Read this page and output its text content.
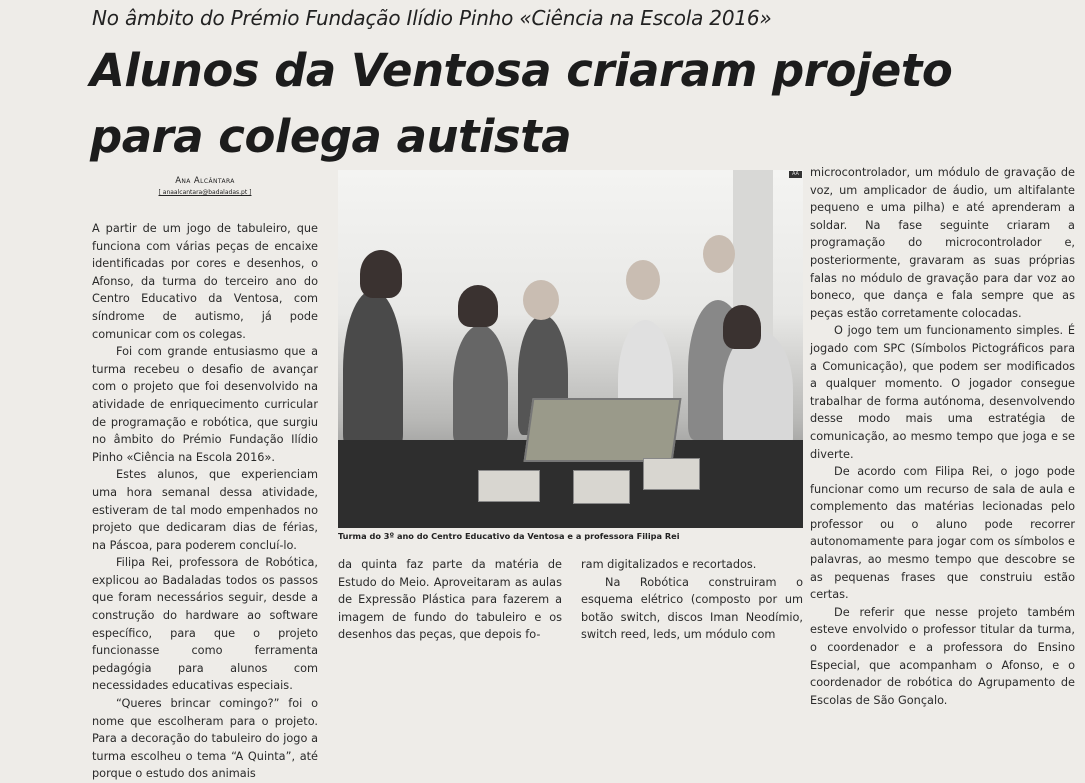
No âmbito do Prémio Fundação Ilídio Pinho «Ciência na Escola 2016»
Alunos da Ventosa criaram projeto para colega autista
Ana Alcântara
[ anaalcantara@badaladas.pt ]

A partir de um jogo de tabuleiro, que funciona com várias peças de encaixe identificadas por cores e desenhos, o Afonso, da turma do terceiro ano do Centro Educativo da Ventosa, com síndrome de autismo, já pode comunicar com os colegas.

Foi com grande entusiasmo que a turma recebeu o desafio de avançar com o projeto que foi desenvolvido na atividade de enriquecimento curricular de programação e robótica, que surgiu no âmbito do Prémio Fundação Ilídio Pinho «Ciência na Escola 2016».

Estes alunos, que experienciam uma hora semanal dessa atividade, estiveram de tal modo empenhados no projeto que dedicaram dias de férias, na Páscoa, para poderem concluí-lo.

Filipa Rei, professora de Robótica, explicou ao Badaladas todos os passos que foram necessários seguir, desde a construção do hardware ao software específico, para que o projeto funcionasse como ferramenta pedagógia para alunos com necessidades educativas especiais.

“Queres brincar comingo?” foi o nome que escolheram para o projeto. Para a decoração do tabuleiro do jogo a turma escolheu o tema “A Quinta”, até porque o estudo dos animais

AA
Turma do 3º ano do Centro Educativo da Ventosa e a professora Filipa Rei

da quinta faz parte da matéria de Estudo do Meio. Aproveitaram as aulas de Expressão Plástica para fazerem a imagem de fundo do tabuleiro e os desenhos das peças, que depois fo-

ram digitalizados e recortados.

Na Robótica construiram o esquema elétrico (composto por um botão switch, discos Iman Neodímio, switch reed, leds, um módulo com

microcontrolador, um módulo de gravação de voz, um amplicador de áudio, um altifalante pequeno e uma pilha) e até aprenderam a soldar. Na fase seguinte criaram a programação do microcontrolador e, posteriormente, gravaram as suas próprias falas no módulo de gravação para dar voz ao boneco, que dança e fala sempre que as peças estão corretamente colocadas.

O jogo tem um funcionamento simples. É jogado com SPC (Símbolos Pictográficos para a Comunicação), que podem ser modificados a qualquer momento. O jogador consegue trabalhar de forma autónoma, desenvolvendo desse modo mais uma estratégia de comunicação, ao mesmo tempo que joga e se diverte.

De acordo com Filipa Rei, o jogo pode funcionar como um recurso de sala de aula e complemento das matérias lecionadas pelo professor ou o aluno pode recorrer autonomamente para jogar com os símbolos e palavras, ao mesmo tempo que descobre se as pequenas frases que construiu estão certas.

De referir que nesse projeto também esteve envolvido o professor titular da turma, o coordenador e a professora do Ensino Especial, que acompanham o Afonso, e o coordenador de robótica do Agrupamento de Escolas de São Gonçalo.
